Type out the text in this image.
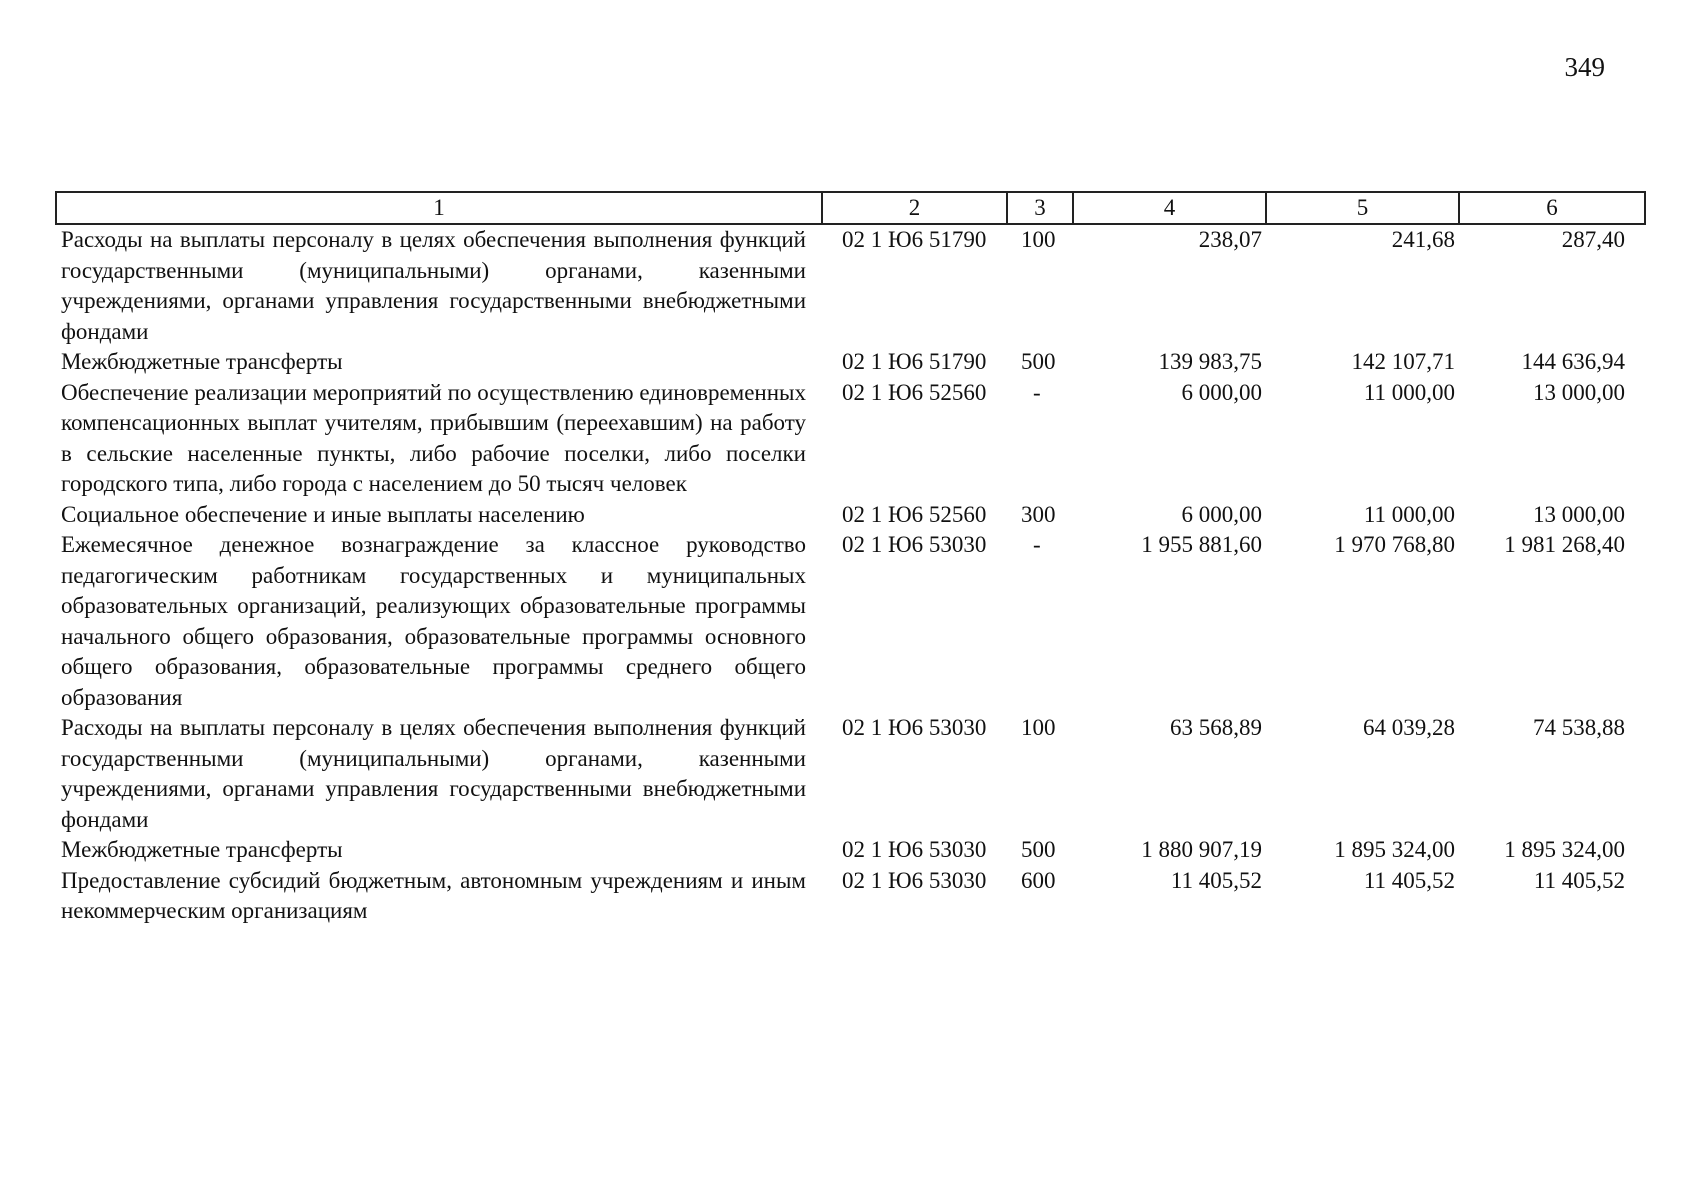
349
1	2	3	4	5	6
Расходы на выплаты персоналу в целях обеспечения выполнения функций государственными (муниципальными) органами, казенными учреждениями, органами управления государственными внебюджетными фондами	02 1 Ю6 51790	100	238,07	241,68	287,40
Межбюджетные трансферты	02 1 Ю6 51790	500	139 983,75	142 107,71	144 636,94
Обеспечение реализации мероприятий по осуществлению единовременных компенсационных выплат учителям, прибывшим (переехавшим) на работу в сельские населенные пункты, либо рабочие поселки, либо поселки городского типа, либо города с населением до 50 тысяч человек	02 1 Ю6 52560	-	6 000,00	11 000,00	13 000,00
Социальное обеспечение и иные выплаты населению	02 1 Ю6 52560	300	6 000,00	11 000,00	13 000,00
Ежемесячное денежное вознаграждение за классное руководство педагогическим работникам государственных и муниципальных образовательных организаций, реализующих образовательные программы начального общего образования, образовательные программы основного общего образования, образовательные программы среднего общего образования	02 1 Ю6 53030	-	1 955 881,60	1 970 768,80	1 981 268,40
Расходы на выплаты персоналу в целях обеспечения выполнения функций государственными (муниципальными) органами, казенными учреждениями, органами управления государственными внебюджетными фондами	02 1 Ю6 53030	100	63 568,89	64 039,28	74 538,88
Межбюджетные трансферты	02 1 Ю6 53030	500	1 880 907,19	1 895 324,00	1 895 324,00
Предоставление субсидий бюджетным, автономным учреждениям и иным некоммерческим организациям	02 1 Ю6 53030	600	11 405,52	11 405,52	11 405,52
